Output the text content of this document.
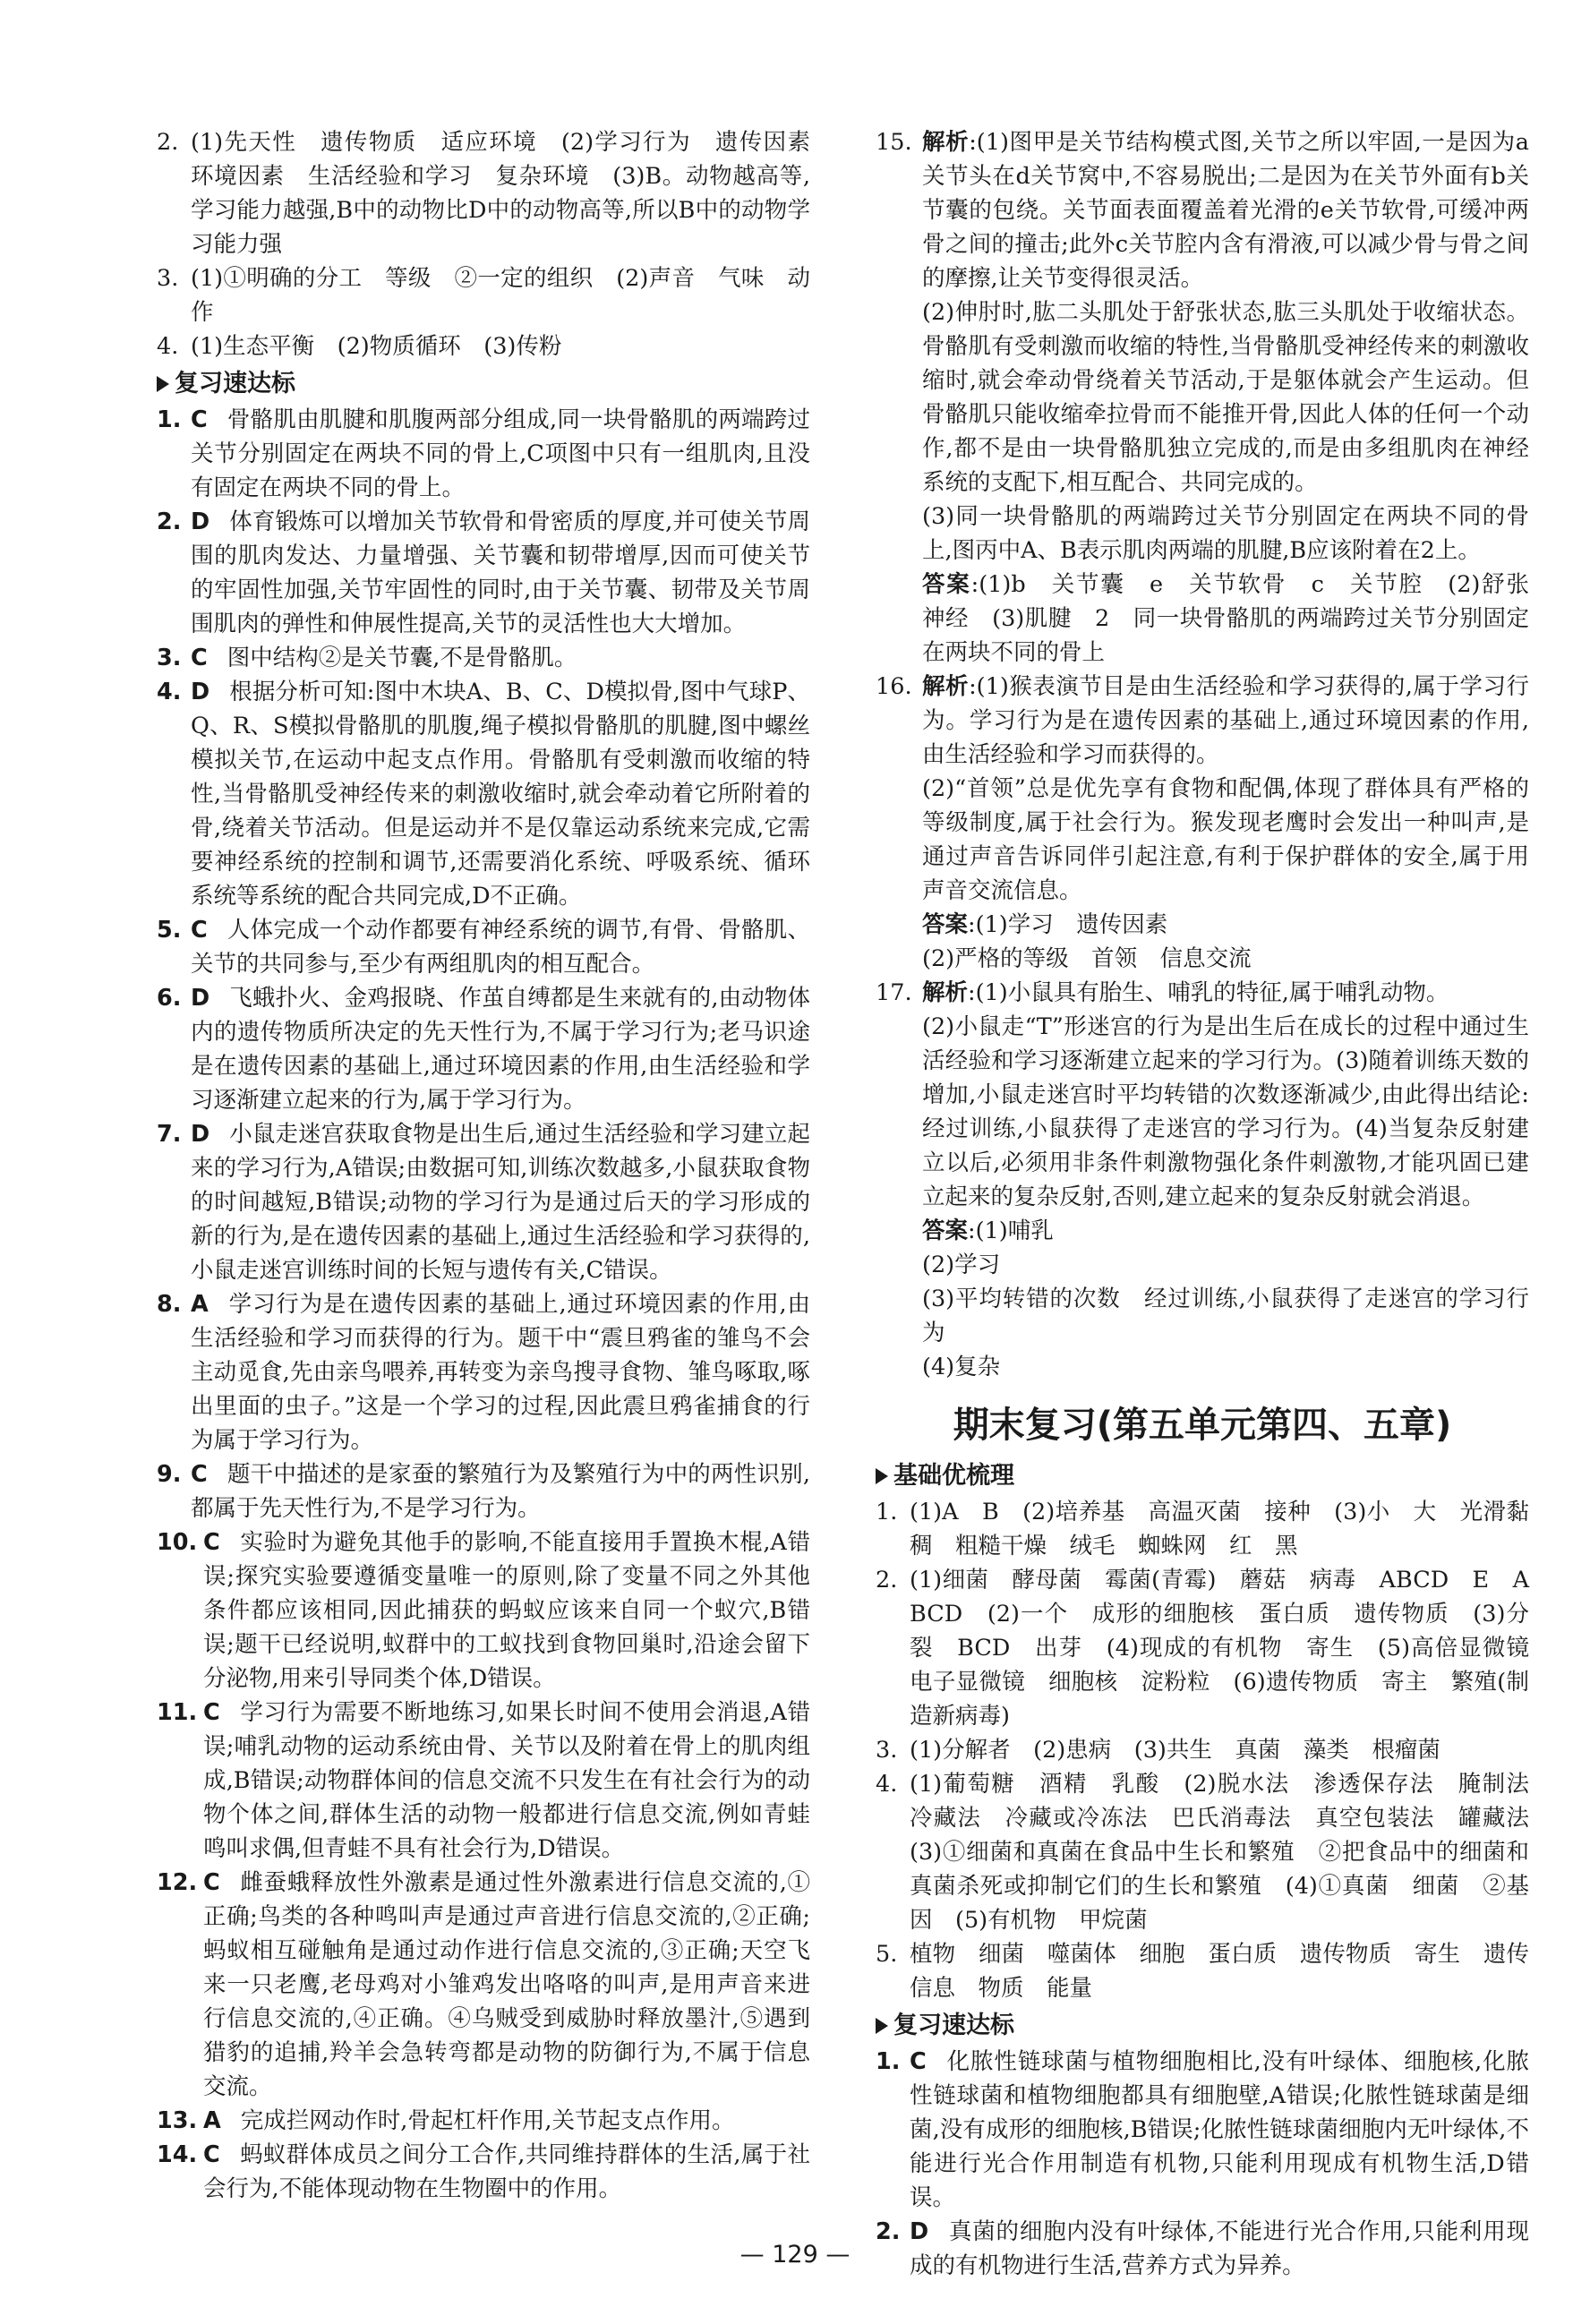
2. (1)先天性　遗传物质　适应环境　(2)学习行为　遗传因素　环境因素　生活经验和学习　复杂环境　(3)B。动物越高等,学习能力越强,B中的动物比D中的动物高等,所以B中的动物学习能力强

3. (1)①明确的分工　等级　②一定的组织　(2)声音　气味　动作

4. (1)生态平衡　(2)物质循环　(3)传粉

复习速达标

1. C 骨骼肌由肌腱和肌腹两部分组成,同一块骨骼肌的两端跨过关节分别固定在两块不同的骨上,C项图中只有一组肌肉,且没有固定在两块不同的骨上。

2. D 体育锻炼可以增加关节软骨和骨密质的厚度,并可使关节周围的肌肉发达、力量增强、关节囊和韧带增厚,因而可使关节的牢固性加强,关节牢固性的同时,由于关节囊、韧带及关节周围肌肉的弹性和伸展性提高,关节的灵活性也大大增加。

3. C 图中结构②是关节囊,不是骨骼肌。

4. D 根据分析可知:图中木块A、B、C、D模拟骨,图中气球P、Q、R、S模拟骨骼肌的肌腹,绳子模拟骨骼肌的肌腱,图中螺丝模拟关节,在运动中起支点作用。骨骼肌有受刺激而收缩的特性,当骨骼肌受神经传来的刺激收缩时,就会牵动着它所附着的骨,绕着关节活动。但是运动并不是仅靠运动系统来完成,它需要神经系统的控制和调节,还需要消化系统、呼吸系统、循环系统等系统的配合共同完成,D不正确。

5. C 人体完成一个动作都要有神经系统的调节,有骨、骨骼肌、关节的共同参与,至少有两组肌肉的相互配合。

6. D 飞蛾扑火、金鸡报晓、作茧自缚都是生来就有的,由动物体内的遗传物质所决定的先天性行为,不属于学习行为;老马识途是在遗传因素的基础上,通过环境因素的作用,由生活经验和学习逐渐建立起来的行为,属于学习行为。

7. D 小鼠走迷宫获取食物是出生后,通过生活经验和学习建立起来的学习行为,A错误;由数据可知,训练次数越多,小鼠获取食物的时间越短,B错误;动物的学习行为是通过后天的学习形成的新的行为,是在遗传因素的基础上,通过生活经验和学习获得的,小鼠走迷宫训练时间的长短与遗传有关,C错误。

8. A 学习行为是在遗传因素的基础上,通过环境因素的作用,由生活经验和学习而获得的行为。题干中“震旦鸦雀的雏鸟不会主动觅食,先由亲鸟喂养,再转变为亲鸟搜寻食物、雏鸟啄取,啄出里面的虫子。”这是一个学习的过程,因此震旦鸦雀捕食的行为属于学习行为。

9. C 题干中描述的是家蚕的繁殖行为及繁殖行为中的两性识别,都属于先天性行为,不是学习行为。

10. C 实验时为避免其他手的影响,不能直接用手置换木棍,A错误;探究实验要遵循变量唯一的原则,除了变量不同之外其他条件都应该相同,因此捕获的蚂蚁应该来自同一个蚁穴,B错误;题干已经说明,蚁群中的工蚁找到食物回巢时,沿途会留下分泌物,用来引导同类个体,D错误。

11. C 学习行为需要不断地练习,如果长时间不使用会消退,A错误;哺乳动物的运动系统由骨、关节以及附着在骨上的肌肉组成,B错误;动物群体间的信息交流不只发生在有社会行为的动物个体之间,群体生活的动物一般都进行信息交流,例如青蛙鸣叫求偶,但青蛙不具有社会行为,D错误。

12. C 雌蚕蛾释放性外激素是通过性外激素进行信息交流的,①正确;鸟类的各种鸣叫声是通过声音进行信息交流的,②正确;蚂蚁相互碰触角是通过动作进行信息交流的,③正确;天空飞来一只老鹰,老母鸡对小雏鸡发出咯咯的叫声,是用声音来进行信息交流的,④正确。④乌贼受到威胁时释放墨汁,⑤遇到猎豹的追捕,羚羊会急转弯都是动物的防御行为,不属于信息交流。

13. A 完成拦网动作时,骨起杠杆作用,关节起支点作用。

14. C 蚂蚁群体成员之间分工合作,共同维持群体的生活,属于社会行为,不能体现动物在生物圈中的作用。

15. 解析:(1)图甲是关节结构模式图,关节之所以牢固,一是因为a关节头在d关节窝中,不容易脱出;二是因为在关节外面有b关节囊的包绕。关节面表面覆盖着光滑的e关节软骨,可缓冲两骨之间的撞击;此外c关节腔内含有滑液,可以减少骨与骨之间的摩擦,让关节变得很灵活。

(2)伸肘时,肱二头肌处于舒张状态,肱三头肌处于收缩状态。骨骼肌有受刺激而收缩的特性,当骨骼肌受神经传来的刺激收缩时,就会牵动骨绕着关节活动,于是躯体就会产生运动。但骨骼肌只能收缩牵拉骨而不能推开骨,因此人体的任何一个动作,都不是由一块骨骼肌独立完成的,而是由多组肌肉在神经系统的支配下,相互配合、共同完成的。

(3)同一块骨骼肌的两端跨过关节分别固定在两块不同的骨上,图丙中A、B表示肌肉两端的肌腱,B应该附着在2上。

答案:(1)b　关节囊　e　关节软骨　c　关节腔　(2)舒张　神经　(3)肌腱　2　同一块骨骼肌的两端跨过关节分别固定在两块不同的骨上

16. 解析:(1)猴表演节目是由生活经验和学习获得的,属于学习行为。学习行为是在遗传因素的基础上,通过环境因素的作用,由生活经验和学习而获得的。

(2)“首领”总是优先享有食物和配偶,体现了群体具有严格的等级制度,属于社会行为。猴发现老鹰时会发出一种叫声,是通过声音告诉同伴引起注意,有利于保护群体的安全,属于用声音交流信息。

答案:(1)学习　遗传因素

(2)严格的等级　首领　信息交流

17. 解析:(1)小鼠具有胎生、哺乳的特征,属于哺乳动物。

(2)小鼠走“T”形迷宫的行为是出生后在成长的过程中通过生活经验和学习逐渐建立起来的学习行为。(3)随着训练天数的增加,小鼠走迷宫时平均转错的次数逐渐减少,由此得出结论:经过训练,小鼠获得了走迷宫的学习行为。(4)当复杂反射建立以后,必须用非条件刺激物强化条件刺激物,才能巩固已建立起来的复杂反射,否则,建立起来的复杂反射就会消退。

答案:(1)哺乳

(2)学习

(3)平均转错的次数　经过训练,小鼠获得了走迷宫的学习行为

(4)复杂

期末复习(第五单元第四、五章)
基础优梳理

1. (1)A　B　(2)培养基　高温灭菌　接种　(3)小　大　光滑黏稠　粗糙干燥　绒毛　蜘蛛网　红　黑

2. (1)细菌　酵母菌　霉菌(青霉)　蘑菇　病毒　ABCD　E　A　BCD　(2)一个　成形的细胞核　蛋白质　遗传物质　(3)分裂　BCD　出芽　(4)现成的有机物　寄生　(5)高倍显微镜　电子显微镜　细胞核　淀粉粒　(6)遗传物质　寄主　繁殖(制造新病毒)

3. (1)分解者　(2)患病　(3)共生　真菌　藻类　根瘤菌

4. (1)葡萄糖　酒精　乳酸　(2)脱水法　渗透保存法　腌制法　冷藏法　冷藏或冷冻法　巴氏消毒法　真空包装法　罐藏法　(3)①细菌和真菌在食品中生长和繁殖　②把食品中的细菌和真菌杀死或抑制它们的生长和繁殖　(4)①真菌　细菌　②基因　(5)有机物　甲烷菌

5. 植物　细菌　噬菌体　细胞　蛋白质　遗传物质　寄生　遗传信息　物质　能量

复习速达标

1. C 化脓性链球菌与植物细胞相比,没有叶绿体、细胞核,化脓性链球菌和植物细胞都具有细胞壁,A错误;化脓性链球菌是细菌,没有成形的细胞核,B错误;化脓性链球菌细胞内无叶绿体,不能进行光合作用制造有机物,只能利用现成有机物生活,D错误。

2. D 真菌的细胞内没有叶绿体,不能进行光合作用,只能利用现成的有机物进行生活,营养方式为异养。

— 129 —
